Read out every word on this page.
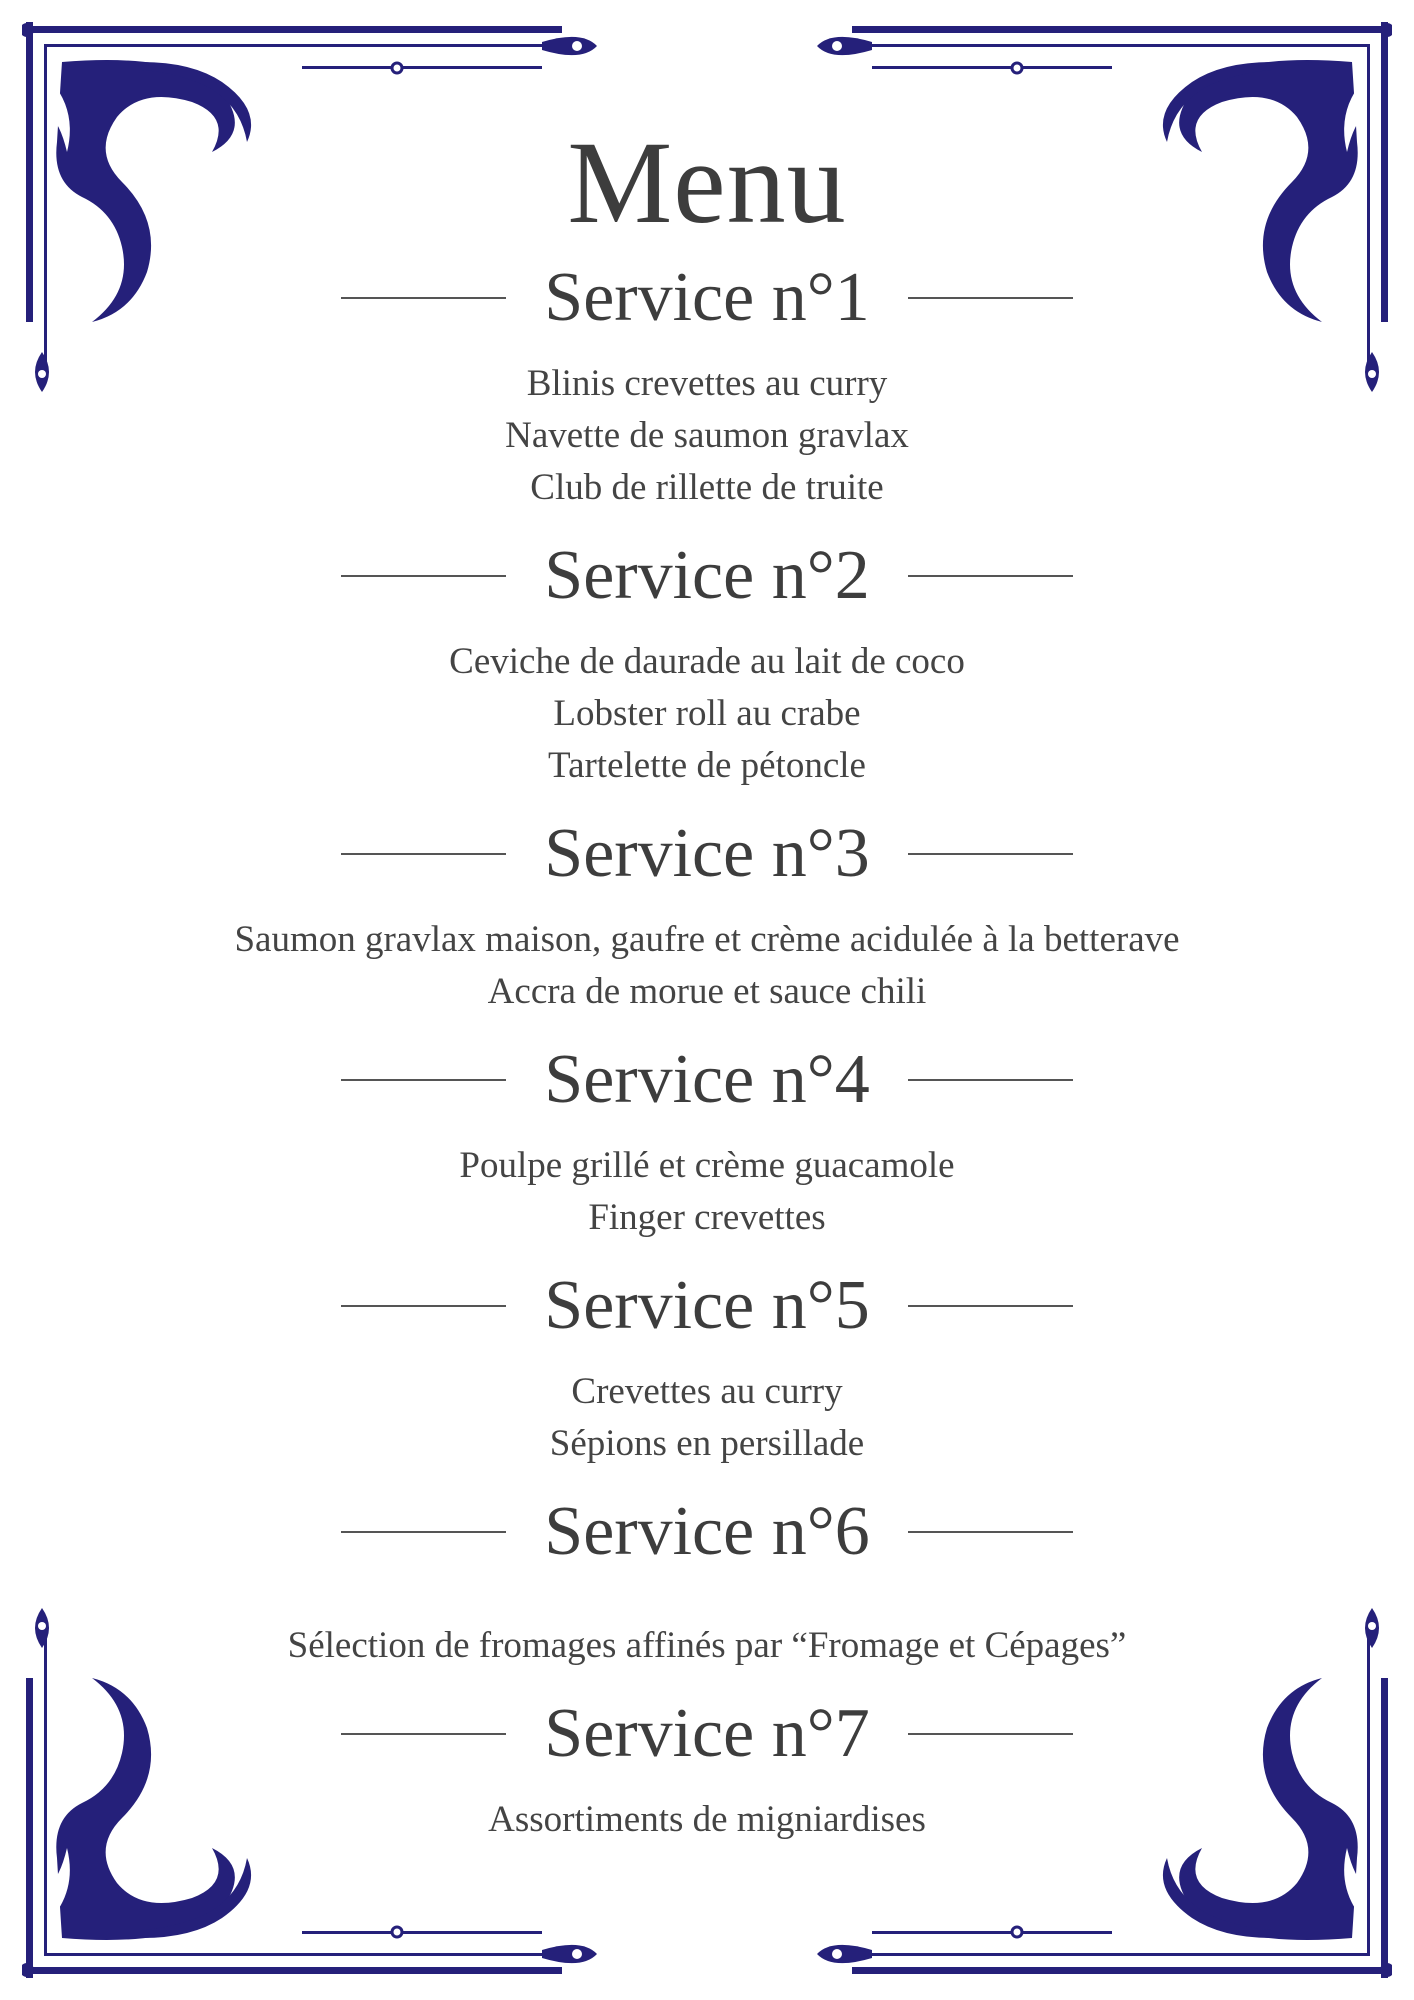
Menu
Service n°1
Blinis crevettes au curry
Navette de saumon gravlax
Club de rillette de truite
Service n°2
Ceviche de daurade au lait de coco
Lobster roll au crabe
Tartelette de pétoncle
Service n°3
Saumon gravlax maison, gaufre et crème acidulée à la betterave
Accra de morue et sauce chili
Service n°4
Poulpe grillé et crème guacamole
Finger crevettes
Service n°5
Crevettes au curry
Sépions en persillade
Service n°6
Sélection de fromages affinés par “Fromage et Cépages”
Service n°7
Assortiments de migniardises
